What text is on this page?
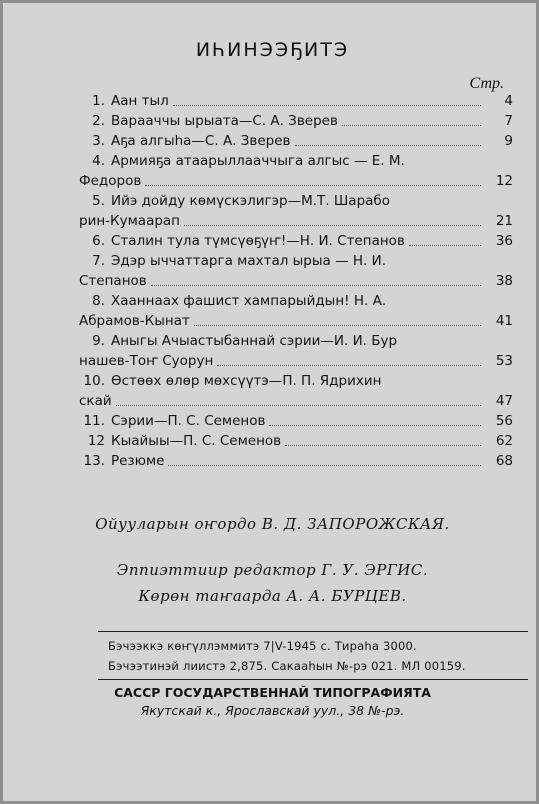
ИҺИНЭЭҔИТЭ
Стр.
1. Аан тыл	4
2. Варааччы ырыата—С. А. Зверев	7
3. Аҕа алгыһа—С. А. Зверев	9
4. Армияҕа атаарыллааччыга алгыс — Е. М.
Федоров	12
5. Ийэ дойду көмүскэлигэр—М.Т. Шарабо
рин-Кумаарап	21
6. Сталин тула түмсүөҕүҥ!—Н. И. Степанов	36
7. Эдэр ыччаттарга махтал ырыа — Н. И.
Степанов	38
8. Хааннаах фашист хампарыйдын! Н. А.
Абрамов-Кынат	41
9. Аныгы Ачыастыбаннай сэрии—И. И. Бур
нашев-Тоҥ Суорун	53
10. Өстөөх өлөр мөхсүүтэ—П. П. Ядрихин
скай	47
11. Сэрии—П. С. Семенов	56
12 Кыайыы—П. С. Семенов	62
13. Резюме	68
Ойууларын оҥордо В. Д. ЗАПОРОЖСКАЯ.
Эппиэттиир редактор Г. У. ЭРГИС.
Көрөн таҥаарда А. А. БУРЦЕВ.
Бэчээккэ көҥүллэммитэ 7|V-1945 с. Тираһа 3000.
Бэчээтинэй лиистэ 2,875. Сакааһын №-рэ 021. МЛ 00159.
САССР ГОСУДАРСТВЕННАЙ ТИПОГРАФИЯТА
Якутскай к., Ярославскай уул., 38 №-рэ.
